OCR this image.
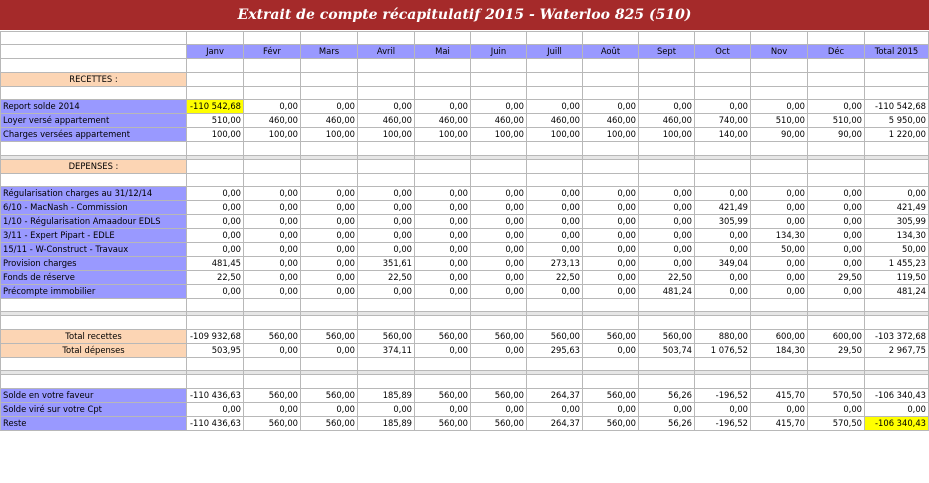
Extrait de compte récapitulatif 2015 - Waterloo 825 (510)

	Janv	Févr	Mars	Avril	Mai	Juin	Juill	Août	Sept	Oct	Nov	Déc	Total 2015

RECETTES :													

Report solde 2014	-110 542,68	0,00	0,00	0,00	0,00	0,00	0,00	0,00	0,00	0,00	0,00	0,00	-110 542,68
Loyer versé appartement	510,00	460,00	460,00	460,00	460,00	460,00	460,00	460,00	460,00	740,00	510,00	510,00	5 950,00
Charges versées appartement	100,00	100,00	100,00	100,00	100,00	100,00	100,00	100,00	100,00	140,00	90,00	90,00	1 220,00

DEPENSES :													

Régularisation charges au 31/12/14	0,00	0,00	0,00	0,00	0,00	0,00	0,00	0,00	0,00	0,00	0,00	0,00	0,00
6/10 - MacNash - Commission	0,00	0,00	0,00	0,00	0,00	0,00	0,00	0,00	0,00	421,49	0,00	0,00	421,49
1/10 - Régularisation Amaadour EDLS	0,00	0,00	0,00	0,00	0,00	0,00	0,00	0,00	0,00	305,99	0,00	0,00	305,99
3/11 - Expert Pipart - EDLE	0,00	0,00	0,00	0,00	0,00	0,00	0,00	0,00	0,00	0,00	134,30	0,00	134,30
15/11 - W-Construct - Travaux	0,00	0,00	0,00	0,00	0,00	0,00	0,00	0,00	0,00	0,00	50,00	0,00	50,00
Provision charges	481,45	0,00	0,00	351,61	0,00	0,00	273,13	0,00	0,00	349,04	0,00	0,00	1 455,23
Fonds de réserve	22,50	0,00	0,00	22,50	0,00	0,00	22,50	0,00	22,50	0,00	0,00	29,50	119,50
Précompte immobilier	0,00	0,00	0,00	0,00	0,00	0,00	0,00	0,00	481,24	0,00	0,00	0,00	481,24

Total recettes	-109 932,68	560,00	560,00	560,00	560,00	560,00	560,00	560,00	560,00	880,00	600,00	600,00	-103 372,68
Total dépenses	503,95	0,00	0,00	374,11	0,00	0,00	295,63	0,00	503,74	1 076,52	184,30	29,50	2 967,75

Solde en votre faveur	-110 436,63	560,00	560,00	185,89	560,00	560,00	264,37	560,00	56,26	-196,52	415,70	570,50	-106 340,43
Solde viré sur votre Cpt	0,00	0,00	0,00	0,00	0,00	0,00	0,00	0,00	0,00	0,00	0,00	0,00	0,00
Reste	-110 436,63	560,00	560,00	185,89	560,00	560,00	264,37	560,00	56,26	-196,52	415,70	570,50	-106 340,43
